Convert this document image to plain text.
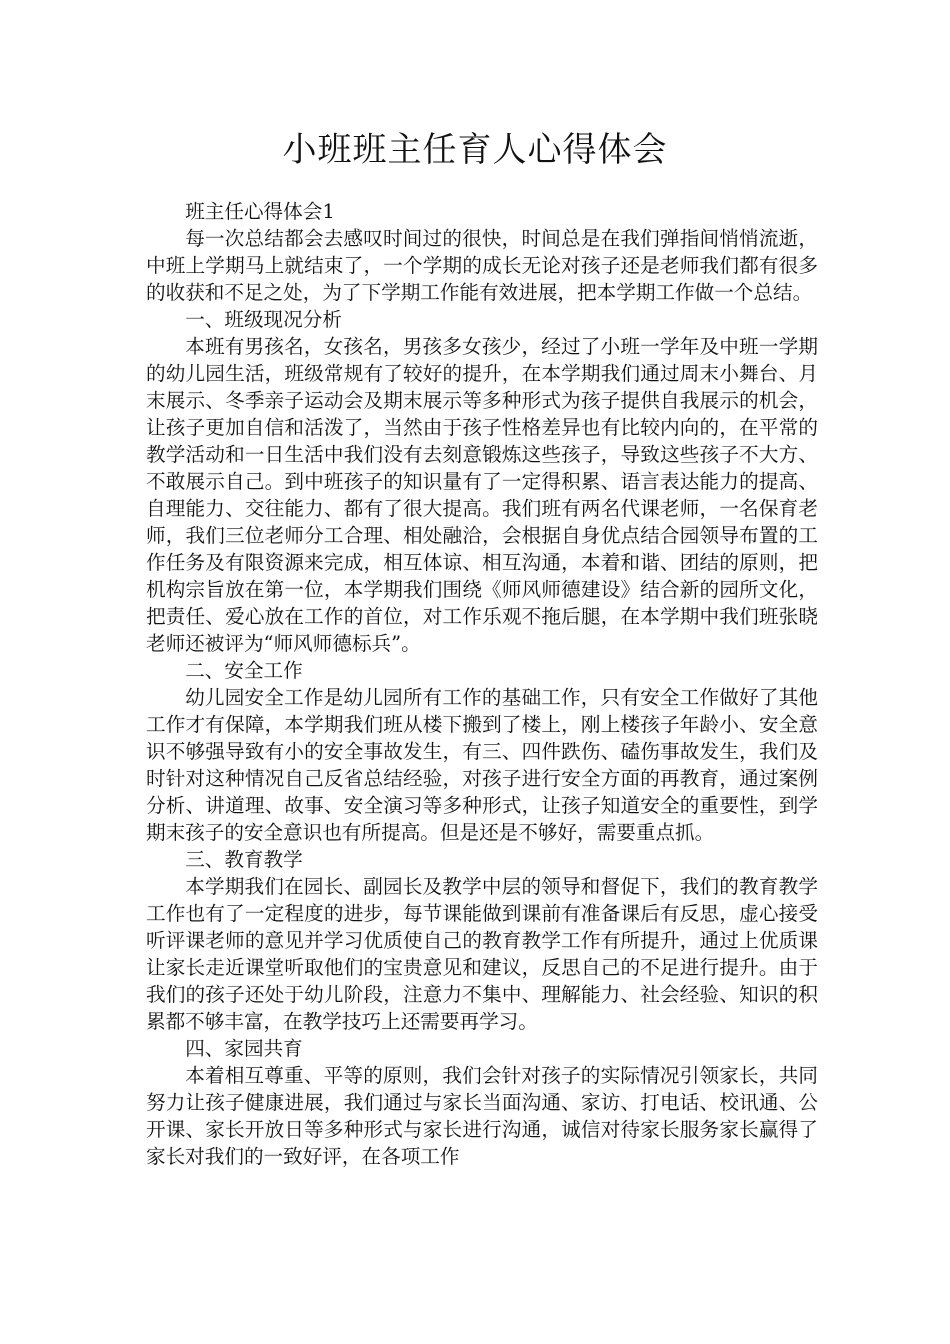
小班班主任育人心得体会

班主任心得体会1

每一次总结都会去感叹时间过的很快，时间总是在我们弹指间悄悄流逝，中班上学期马上就结束了，一个学期的成长无论对孩子还是老师我们都有很多的收获和不足之处，为了下学期工作能有效进展，把本学期工作做一个总结。

一、班级现况分析

本班有男孩名，女孩名，男孩多女孩少，经过了小班一学年及中班一学期的幼儿园生活，班级常规有了较好的提升，在本学期我们通过周末小舞台、月末展示、冬季亲子运动会及期末展示等多种形式为孩子提供自我展示的机会，让孩子更加自信和活泼了，当然由于孩子性格差异也有比较内向的，在平常的教学活动和一日生活中我们没有去刻意锻炼这些孩子，导致这些孩子不大方、不敢展示自己。到中班孩子的知识量有了一定得积累、语言表达能力的提高、自理能力、交往能力、都有了很大提高。我们班有两名代课老师，一名保育老师，我们三位老师分工合理、相处融洽，会根据自身优点结合园领导布置的工作任务及有限资源来完成，相互体谅、相互沟通，本着和谐、团结的原则，把机构宗旨放在第一位，本学期我们围绕《师风师德建设》结合新的园所文化，把责任、爱心放在工作的首位，对工作乐观不拖后腿，在本学期中我们班张晓老师还被评为“师风师德标兵”。

二、安全工作

幼儿园安全工作是幼儿园所有工作的基础工作，只有安全工作做好了其他工作才有保障，本学期我们班从楼下搬到了楼上，刚上楼孩子年龄小、安全意识不够强导致有小的安全事故发生，有三、四件跌伤、磕伤事故发生，我们及时针对这种情况自己反省总结经验，对孩子进行安全方面的再教育，通过案例分析、讲道理、故事、安全演习等多种形式，让孩子知道安全的重要性，到学期末孩子的安全意识也有所提高。但是还是不够好，需要重点抓。

三、教育教学

本学期我们在园长、副园长及教学中层的领导和督促下，我们的教育教学工作也有了一定程度的进步，每节课能做到课前有准备课后有反思，虚心接受听评课老师的意见并学习优质使自己的教育教学工作有所提升，通过上优质课让家长走近课堂听取他们的宝贵意见和建议，反思自己的不足进行提升。由于我们的孩子还处于幼儿阶段，注意力不集中、理解能力、社会经验、知识的积累都不够丰富，在教学技巧上还需要再学习。

四、家园共育

本着相互尊重、平等的原则，我们会针对孩子的实际情况引领家长，共同努力让孩子健康进展，我们通过与家长当面沟通、家访、打电话、校讯通、公开课、家长开放日等多种形式与家长进行沟通，诚信对待家长服务家长赢得了家长对我们的一致好评，在各项工作
